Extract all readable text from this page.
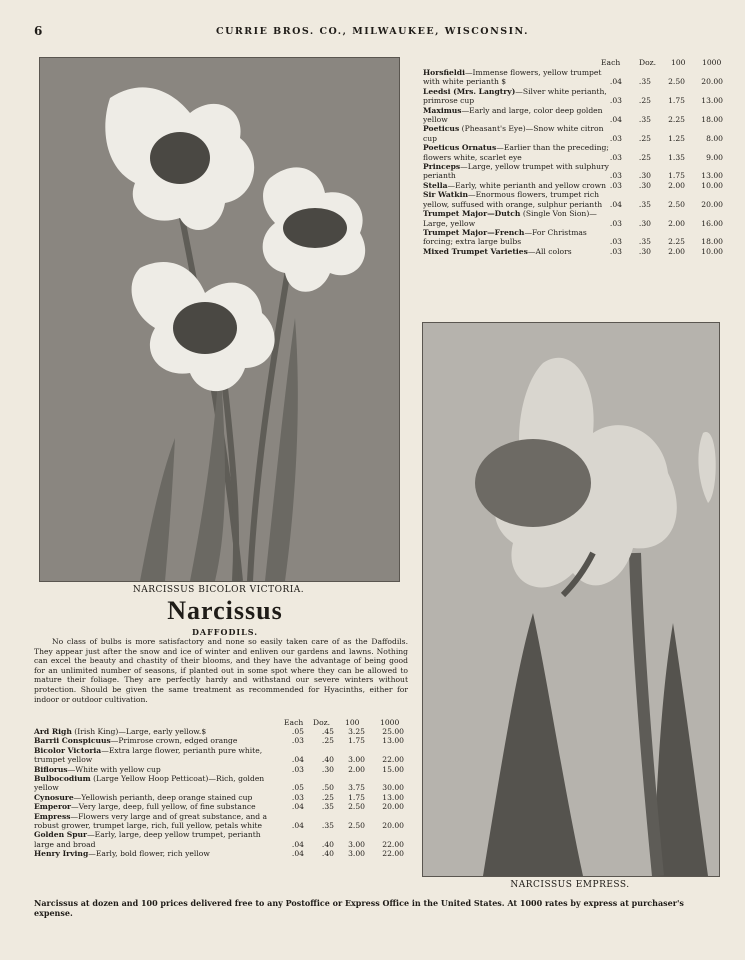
6	CURRIE BROS. CO., MILWAUKEE, WISCONSIN.
NARCISSUS BICOLOR VICTORIA.
Narcissus
DAFFODILS.
No class of bulbs is more satisfactory and none so easily taken care of as the Daffodils. They appear just after the snow and ice of winter and enliven our gardens and lawns. Nothing can excel the beauty and chastity of their blooms, and they have the advantage of being good for an unlimited number of seasons, if planted out in some spot where they can be allowed to mature their foliage. They are perfectly hardy and withstand our severe winters without protection. Should be given the same treatment as recommended for Hyacinths, either for indoor or outdoor cultivation.
Each Doz. 100	1000
Ard Righ (Irish King)—Large, early yellow.$	.05	.45	3.25	25.00
Barrii Conspicuus—Primrose crown, edged orange	.03	.25	1.75	13.00
Bicolor Victoria—Extra large flower, perianth pure white, trumpet yellow	.04	.40	3.00	22.00
Biflorus—White with yellow cup	.03	.30	2.00	15.00
Bulbocodium (Large Yellow Hoop Petticoat)—Rich, golden yellow	.05	.50	3.75	30.00
Cynosure—Yellowish perianth, deep orange stained cup	.03	.25	1.75	13.00
Emperor—Very large, deep, full yellow, of fine substance	.04	.35	2.50	20.00
Empress—Flowers very large and of great substance, and a robust grower, trumpet large, rich, full yellow, petals white	.04	.35	2.50	20.00
Golden Spur—Early, large, deep yellow trumpet, perianth large and broad	.04	.40	3.00	22.00
Henry Irving—Early, bold flower, rich yellow	.04	.40	3.00	22.00
Each Doz. 100 1000
Horsfieldi—Immense flowers, yellow trumpet with white perianth $	.04	.35	2.50	20.00
Leedsi (Mrs. Langtry)—Silver white perianth, primrose cup	.03	.25	1.75	13.00
Maximus—Early and large, color deep golden yellow	.04	.35	2.25	18.00
Poeticus (Pheasant's Eye)—Snow white citron cup	.03	.25	1.25	8.00
Poeticus Ornatus—Earlier than the preceding; flowers white, scarlet eye	.03	.25	1.35	9.00
Princeps—Large, yellow trumpet with sulphury perianth	.03	.30	1.75	13.00
Stella—Early, white perianth and yellow crown .03	.30	2.00	10.00
Sir Watkin—Enormous flowers, trumpet rich yellow, suffused with orange, sulphur perianth	.04	.35	2.50	20.00
Trumpet Major—Dutch (Single Von Sion)—Large, yellow	.03	.30	2.00	16.00
Trumpet Major—French—For Christmas forcing; extra large bulbs	.03	.35	2.25	18.00
Mixed Trumpet Varieties—All colors	.03	.30	2.00	10.00
NARCISSUS EMPRESS.
Narcissus at dozen and 100 prices delivered free to any Postoffice or Express Office in the United States. At 1000 rates by express at purchaser's expense.
